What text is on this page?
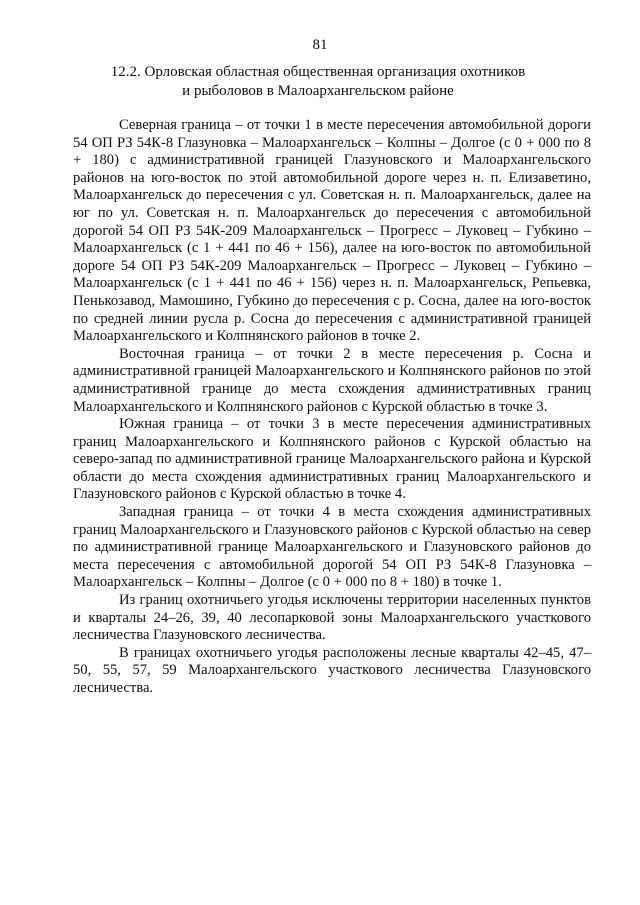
81
12.2. Орловская областная общественная организация охотников
и рыболовов в Малоархангельском районе

Северная граница – от точки 1 в месте пересечения автомобильной дороги 54 ОП РЗ 54К-8 Глазуновка – Малоархангельск – Колпны – Долгое (с 0 + 000 по 8 + 180) с административной границей Глазуновского и Малоархангельского районов на юго-восток по этой автомобильной дороге через н. п. Елизаветино, Малоархангельск до пересечения с ул. Советская н. п. Малоархангельск, далее на юг по ул. Советская н. п. Малоархангельск до пересечения с автомобильной дорогой 54 ОП РЗ 54К-209 Малоархангельск – Прогресс – Луковец – Губкино – Малоархангельск (с 1 + 441 по 46 + 156), далее на юго-восток по автомобильной дороге 54 ОП РЗ 54К-209 Малоархангельск – Прогресс – Луковец – Губкино – Малоархангельск (с 1 + 441 по 46 + 156) через н. п. Малоархангельск, Репьевка, Пенькозавод, Мамошино, Губкино до пересечения с р. Сосна, далее на юго-восток по средней линии русла р. Сосна до пересечения с административной границей Малоархангельского и Колпнянского районов в точке 2.

Восточная граница – от точки 2 в месте пересечения р. Сосна и административной границей Малоархангельского и Колпнянского районов по этой административной границе до места схождения административных границ Малоархангельского и Колпнянского районов с Курской областью в точке 3.

Южная граница – от точки 3 в месте пересечения административных границ Малоархангельского и Колпнянского районов с Курской областью на северо-запад по административной границе Малоархангельского района и Курской области до места схождения административных границ Малоархангельского и Глазуновского районов с Курской областью в точке 4.

Западная граница – от точки 4 в места схождения административных границ Малоархангельского и Глазуновского районов с Курской областью на север по административной границе Малоархангельского и Глазуновского районов до места пересечения с автомобильной дорогой 54 ОП РЗ 54К-8 Глазуновка – Малоархангельск – Колпны – Долгое (с 0 + 000 по 8 + 180) в точке 1.

Из границ охотничьего угодья исключены территории населенных пунктов и кварталы 24–26, 39, 40 лесопарковой зоны Малоархангельского участкового лесничества Глазуновского лесничества.

В границах охотничьего угодья расположены лесные кварталы 42–45, 47–50, 55, 57, 59 Малоархангельского участкового лесничества Глазуновского лесничества.
